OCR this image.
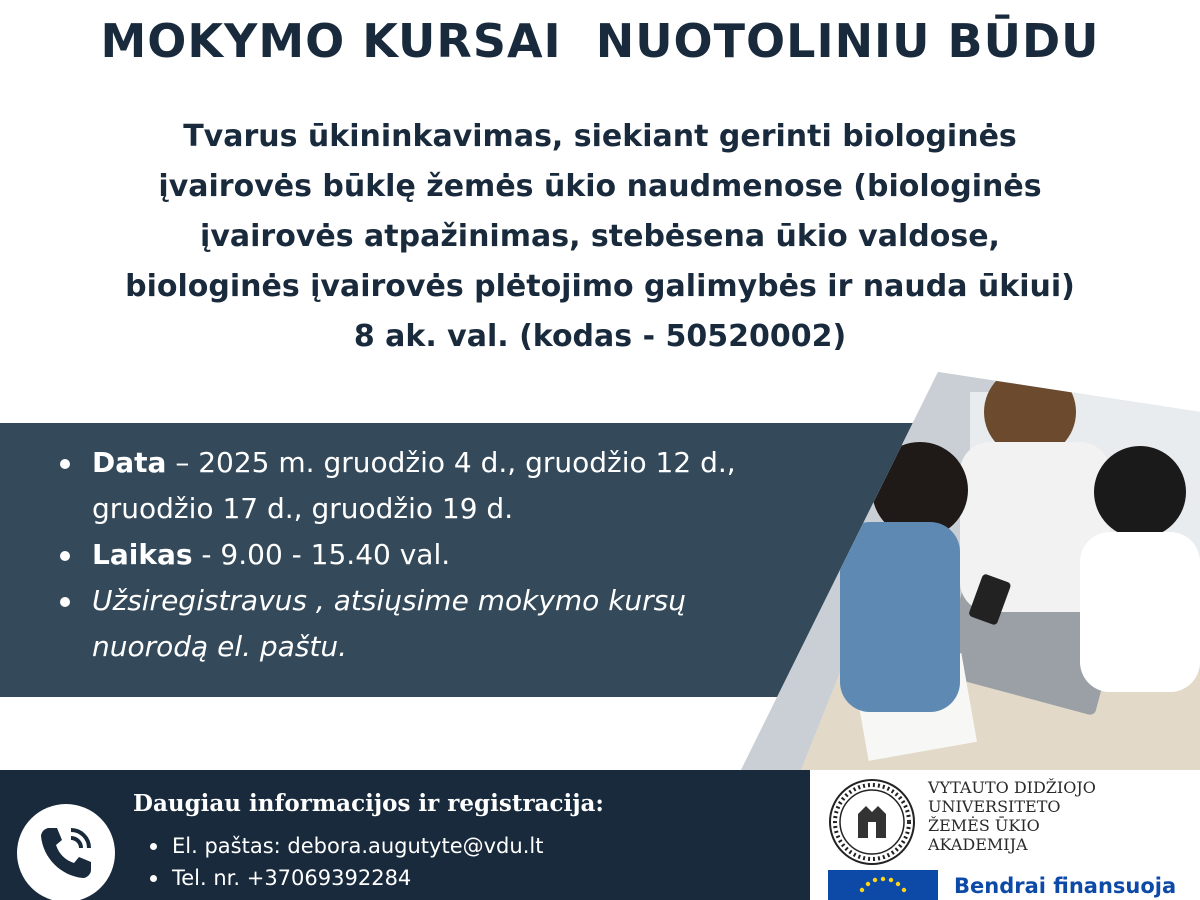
MOKYMO KURSAI  NUOTOLINIU BŪDU
Tvarus ūkininkavimas, siekiant gerinti biologinės
įvairovės būklę žemės ūkio naudmenose (biologinės
įvairovės atpažinimas, stebėsena ūkio valdose,
biologinės įvairovės plėtojimo galimybės ir nauda ūkiui)
8 ak. val. (kodas - 50520002)
Data – 2025 m. gruodžio 4 d., gruodžio 12 d.,
gruodžio 17 d., gruodžio 19 d.
Laikas - 9.00 - 15.40 val.
Užsiregistravus , atsiųsime mokymo kursų
nuorodą el. paštu.
Daugiau informacijos ir registracija:
El. paštas: debora.augutyte@vdu.lt
Tel. nr. +37069392284
VYTAUTO DIDŽIOJO
UNIVERSITETO
ŽEMĖS ŪKIO
AKADEMIJA
Bendrai finansuoja
